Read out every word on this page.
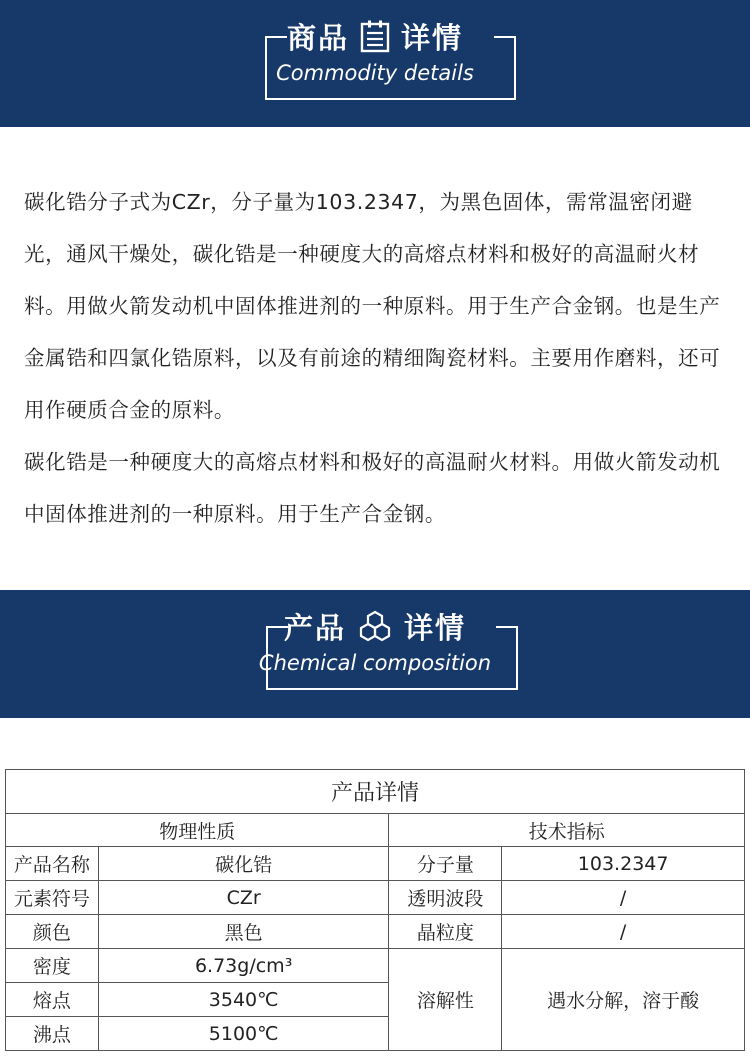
商品 详情
Commodity details

碳化锆分子式为CZr，分子量为103.2347，为黑色固体，需常温密闭避光，通风干燥处，碳化锆是一种硬度大的高熔点材料和极好的高温耐火材料。用做火箭发动机中固体推进剂的一种原料。用于生产合金钢。也是生产金属锆和四氯化锆原料，以及有前途的精细陶瓷材料。主要用作磨料，还可用作硬质合金的原料。

碳化锆是一种硬度大的高熔点材料和极好的高温耐火材料。用做火箭发动机中固体推进剂的一种原料。用于生产合金钢。

产品 详情
Chemical composition
产品详情			
物理性质		技术指标	
产品名称	碳化锆	分子量	103.2347
元素符号	CZr	透明波段	/
颜色	黑色	晶粒度	/
密度	6.73g/cm³	溶解性	遇水分解，溶于酸
熔点	3540℃		
沸点	5100℃		
